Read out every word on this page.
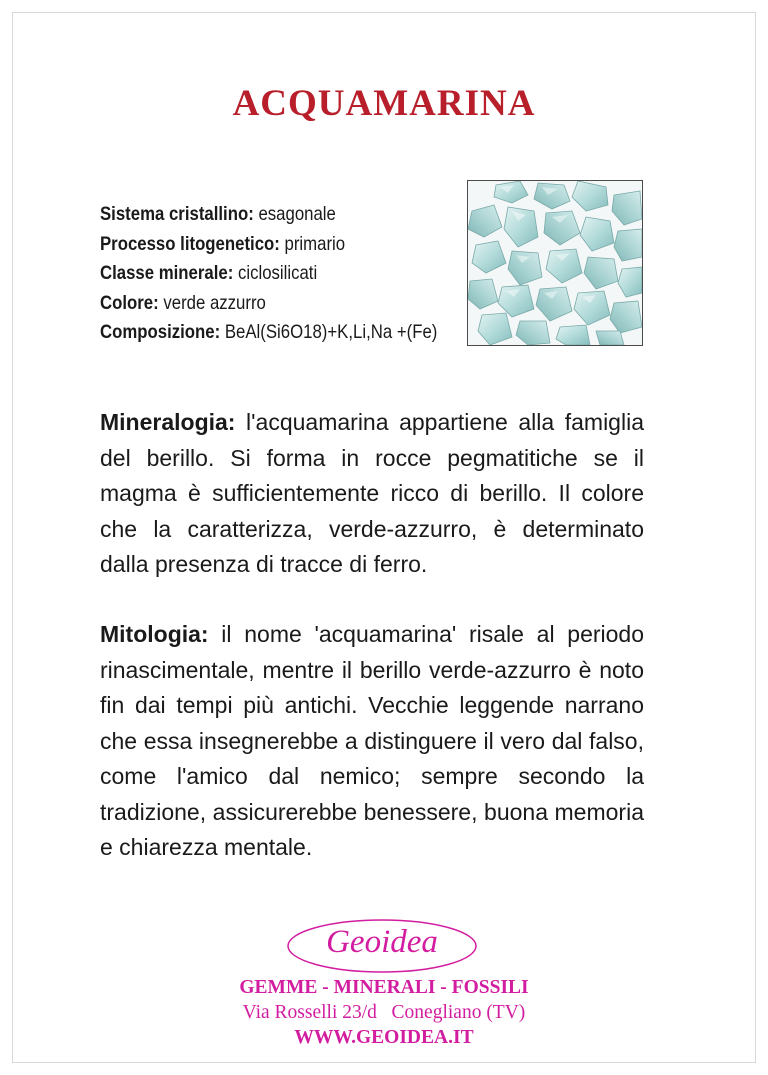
ACQUAMARINA
Sistema cristallino: esagonale
Processo litogenetico: primario
Classe minerale: ciclosilicati
Colore: verde azzurro
Composizione: BeAl(Si6O18)+K,Li,Na +(Fe)
Mineralogia: l'acquamarina appartiene alla famiglia del berillo. Si forma in rocce pegmatitiche se il magma è sufficientemente ricco di berillo. Il colore che la caratterizza, verde-azzurro, è determinato dalla presenza di tracce di ferro.
Mitologia: il nome 'acquamarina' risale al periodo rinascimentale, mentre il berillo verde-azzurro è noto fin dai tempi più antichi. Vecchie leggende narrano che essa insegnerebbe a distinguere il vero dal falso, come l'amico dal nemico; sempre secondo la tradizione, assicurerebbe benessere, buona memoria e chiarezza mentale.
Geoidea
GEMME - MINERALI - FOSSILI
Via Rosselli 23/d   Conegliano (TV)
WWW.GEOIDEA.IT
